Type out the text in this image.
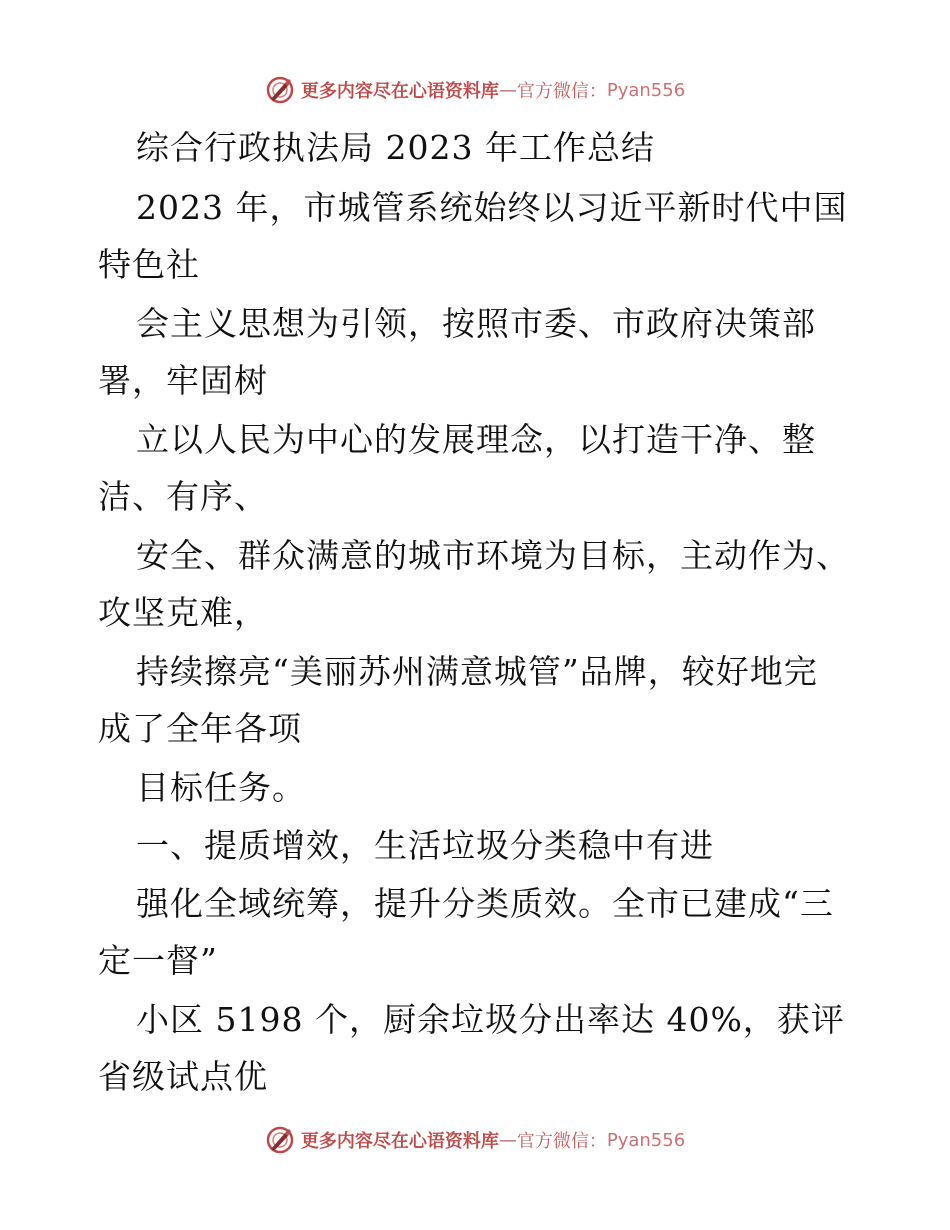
更多内容尽在心语资料库 — 官方微信： Pyan556
综合行政执法局 2023 年工作总结
2023 年，市城管系统始终以习近平新时代中国
特色社
会主义思想为引领，按照市委、市政府决策部
署，牢固树
立以人民为中心的发展理念，以打造干净、整
洁、有序、
安全、群众满意的城市环境为目标，主动作为、
攻坚克难，
持续擦亮“美丽苏州满意城管”品牌，较好地完
成了全年各项
目标任务。
一、提质增效，生活垃圾分类稳中有进
强化全域统筹，提升分类质效。全市已建成“三
定一督”
小区 5198 个，厨余垃圾分出率达 40%，获评
省级试点优
更多内容尽在心语资料库 — 官方微信： Pyan556
